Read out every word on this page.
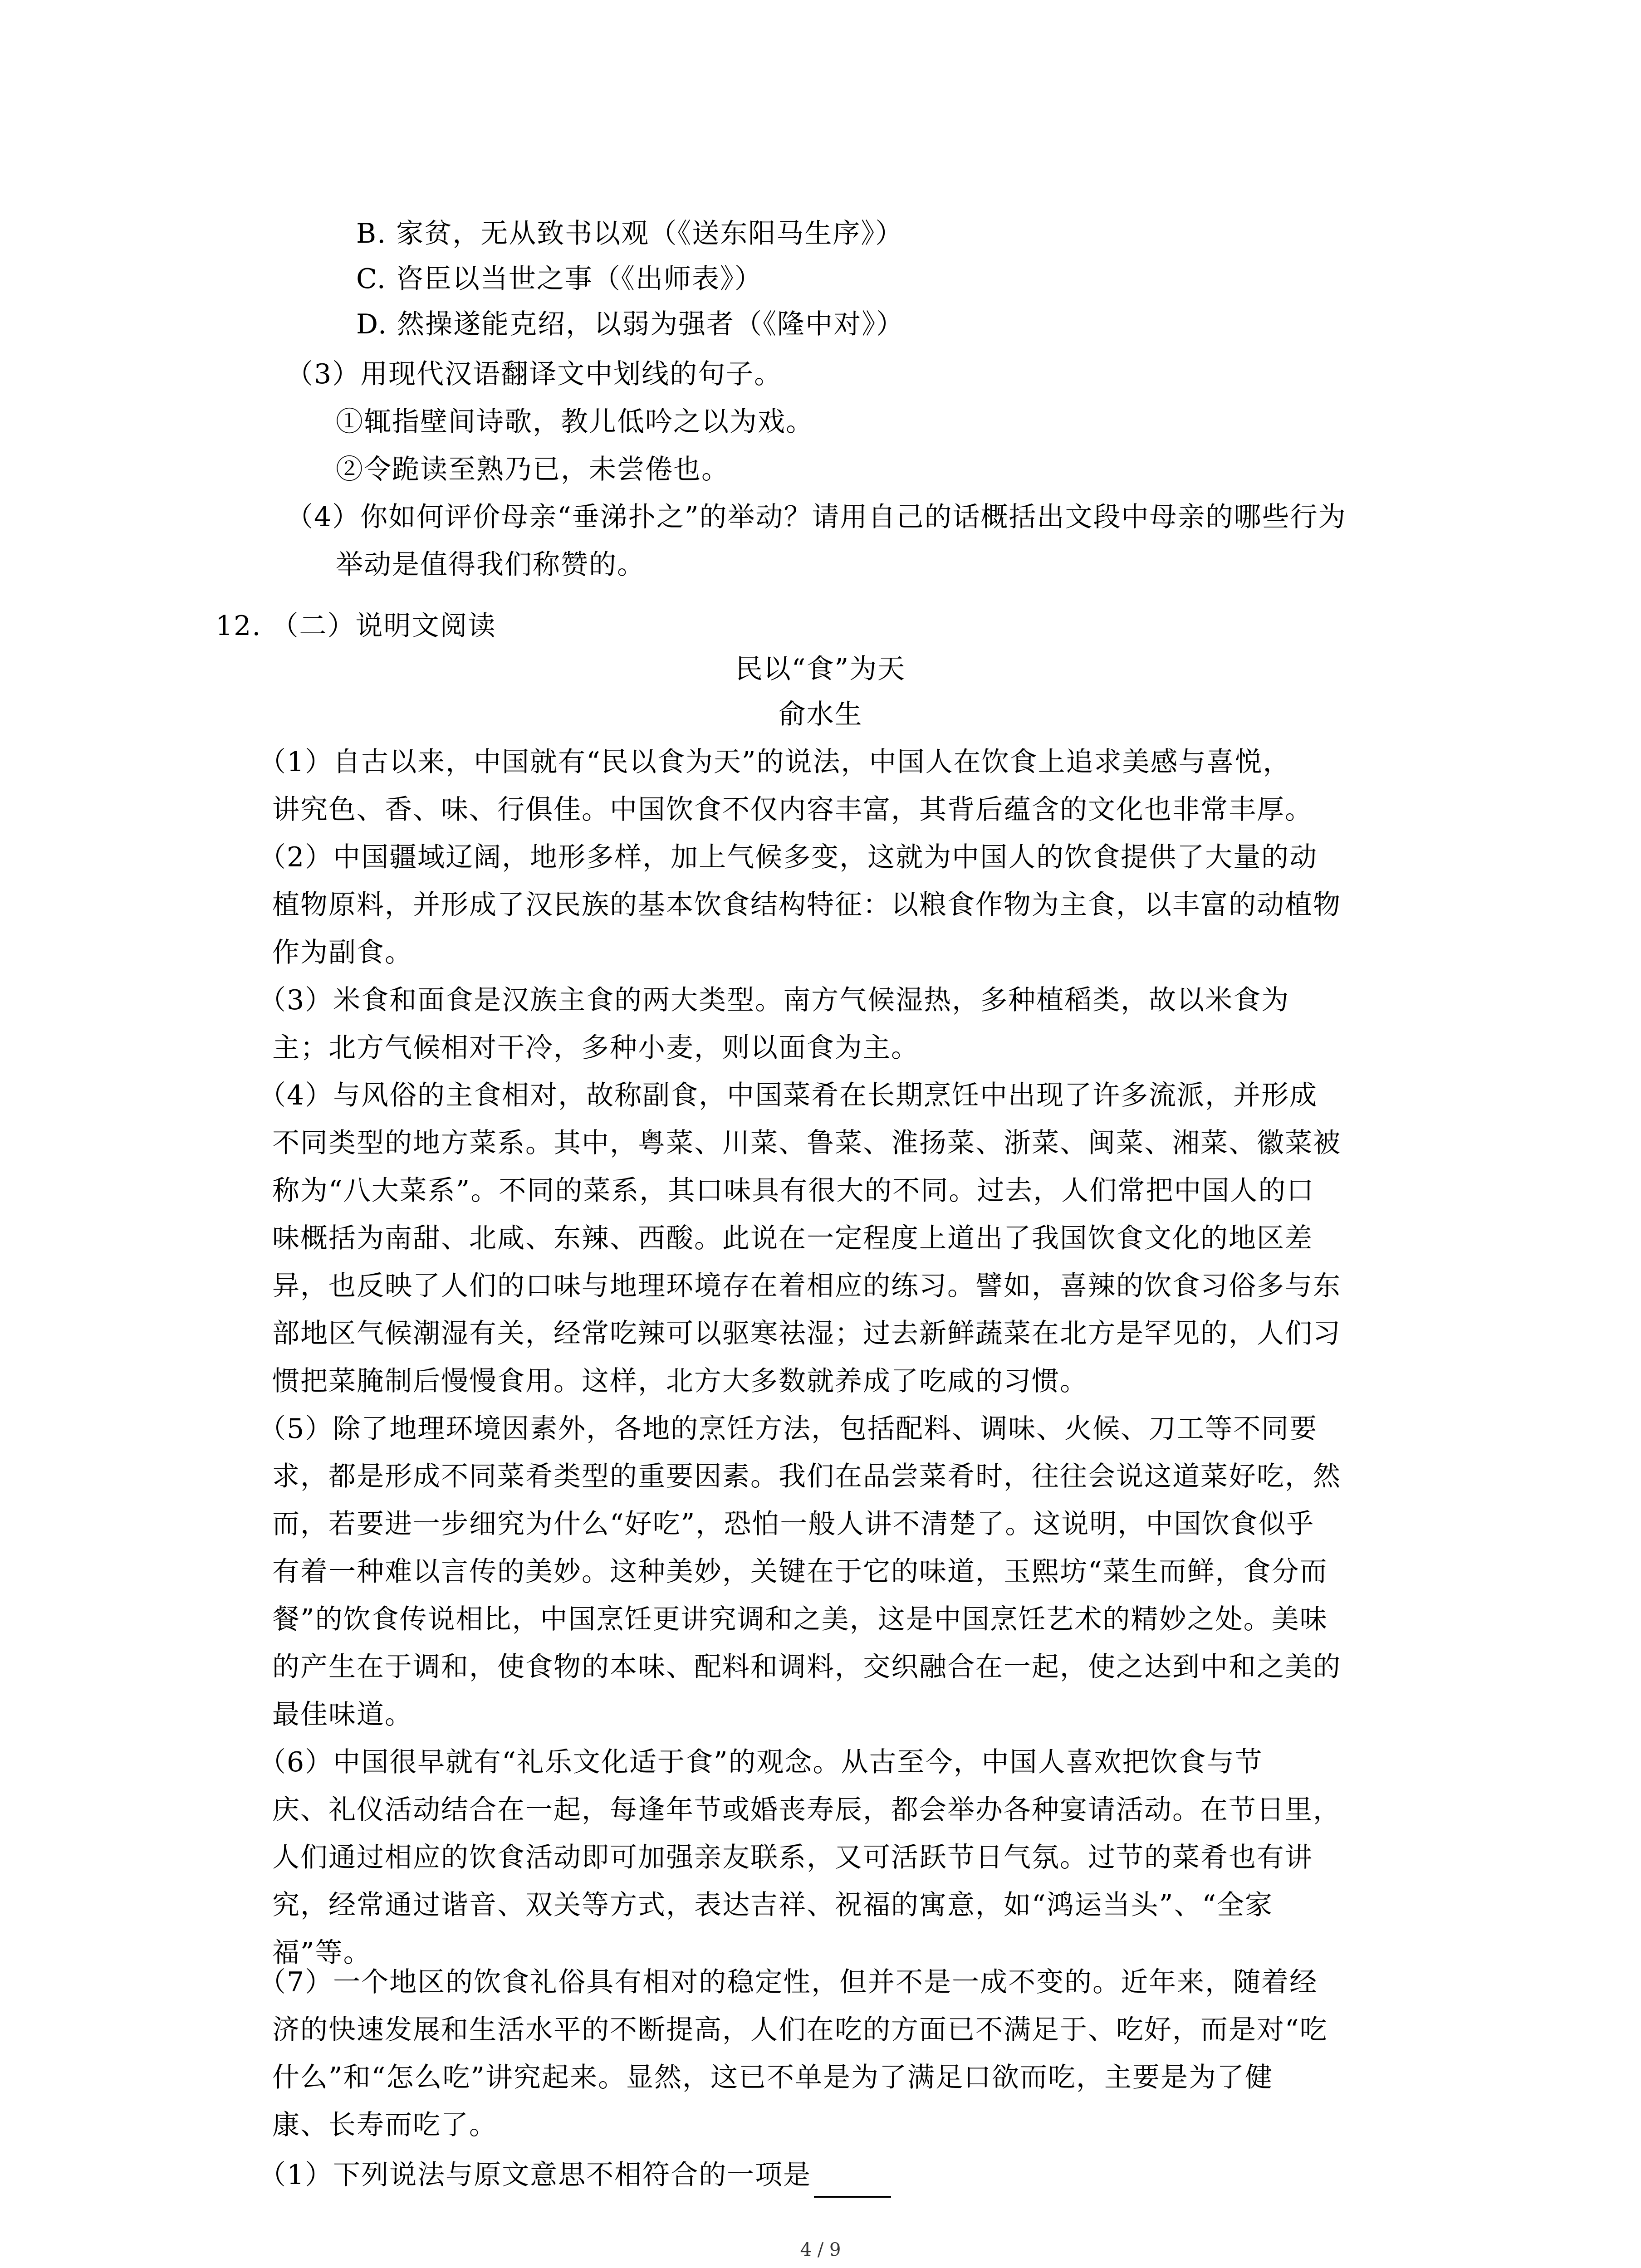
B. 家贫，无从致书以观（《送东阳马生序》）
C. 咨臣以当世之事（《出师表》）
D. 然操遂能克绍，以弱为强者（《隆中对》）
（3）用现代汉语翻译文中划线的句子。
①辄指壁间诗歌，教儿低吟之以为戏。
②令跪读至熟乃已，未尝倦也。
（4）你如何评价母亲“垂涕扑之”的举动？请用自己的话概括出文段中母亲的哪些行为
举动是值得我们称赞的。
12. （二）说明文阅读
民以“食”为天
俞水生
（1）自古以来，中国就有“民以食为天”的说法，中国人在饮食上追求美感与喜悦，
讲究色、香、味、行俱佳。中国饮食不仅内容丰富，其背后蕴含的文化也非常丰厚。
（2）中国疆域辽阔，地形多样，加上气候多变，这就为中国人的饮食提供了大量的动
植物原料，并形成了汉民族的基本饮食结构特征：以粮食作物为主食，以丰富的动植物
作为副食。
（3）米食和面食是汉族主食的两大类型。南方气候湿热，多种植稻类，故以米食为
主；北方气候相对干冷，多种小麦，则以面食为主。
（4）与风俗的主食相对，故称副食，中国菜肴在长期烹饪中出现了许多流派，并形成
不同类型的地方菜系。其中，粤菜、川菜、鲁菜、淮扬菜、浙菜、闽菜、湘菜、徽菜被
称为“八大菜系”。不同的菜系，其口味具有很大的不同。过去，人们常把中国人的口
味概括为南甜、北咸、东辣、西酸。此说在一定程度上道出了我国饮食文化的地区差
异，也反映了人们的口味与地理环境存在着相应的练习。譬如，喜辣的饮食习俗多与东
部地区气候潮湿有关，经常吃辣可以驱寒祛湿；过去新鲜蔬菜在北方是罕见的，人们习
惯把菜腌制后慢慢食用。这样，北方大多数就养成了吃咸的习惯。
（5）除了地理环境因素外，各地的烹饪方法，包括配料、调味、火候、刀工等不同要
求，都是形成不同菜肴类型的重要因素。我们在品尝菜肴时，往往会说这道菜好吃，然
而，若要进一步细究为什么“好吃”，恐怕一般人讲不清楚了。这说明，中国饮食似乎
有着一种难以言传的美妙。这种美妙，关键在于它的味道，玉熙坊“菜生而鲜，食分而
餐”的饮食传说相比，中国烹饪更讲究调和之美，这是中国烹饪艺术的精妙之处。美味
的产生在于调和，使食物的本味、配料和调料，交织融合在一起，使之达到中和之美的
最佳味道。
（6）中国很早就有“礼乐文化适于食”的观念。从古至今，中国人喜欢把饮食与节
庆、礼仪活动结合在一起，每逢年节或婚丧寿辰，都会举办各种宴请活动。在节日里，
人们通过相应的饮食活动即可加强亲友联系，又可活跃节日气氛。过节的菜肴也有讲
究，经常通过谐音、双关等方式，表达吉祥、祝福的寓意，如“鸿运当头”、“全家
福”等。
（7）一个地区的饮食礼俗具有相对的稳定性，但并不是一成不变的。近年来，随着经
济的快速发展和生活水平的不断提高，人们在吃的方面已不满足于、吃好，而是对“吃
什么”和“怎么吃”讲究起来。显然，这已不单是为了满足口欲而吃，主要是为了健
康、长寿而吃了。
（1）下列说法与原文意思不相符合的一项是
4 / 9
